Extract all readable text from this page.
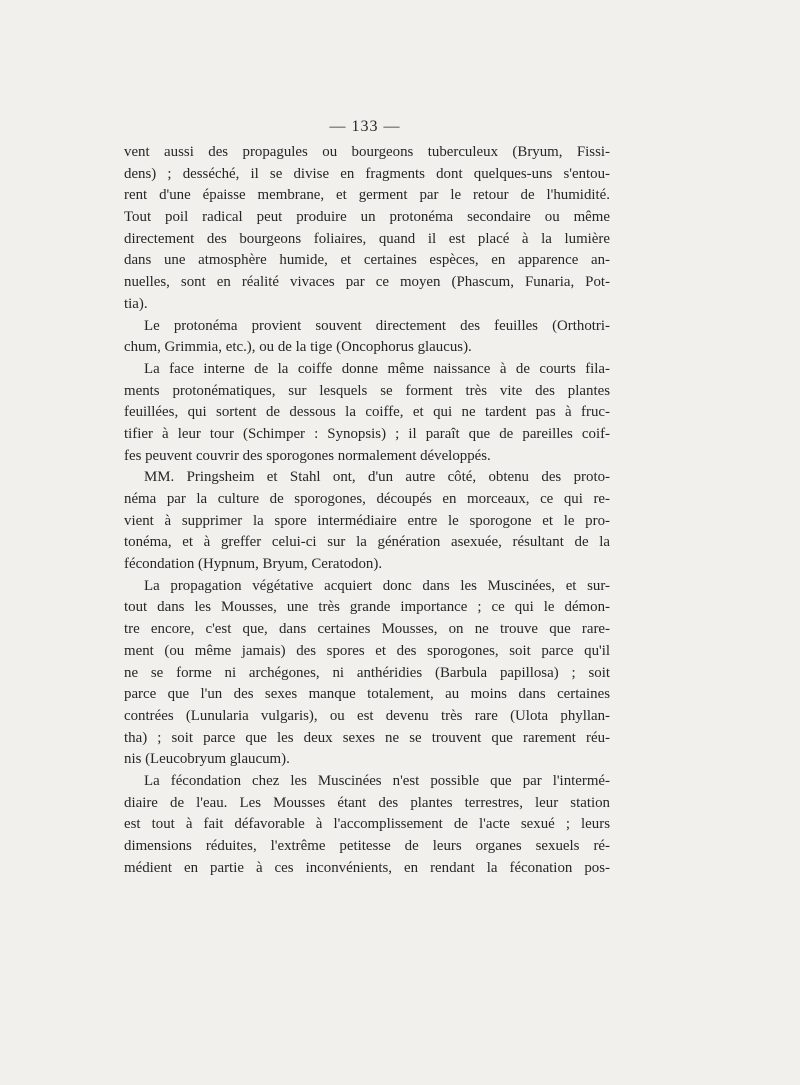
— 133 —
vent aussi des propagules ou bourgeons tuberculeux (Bryum, Fissi-
dens) ; desséché, il se divise en fragments dont quelques-uns s'entou-
rent d'une épaisse membrane, et germent par le retour de l'humidité.
Tout poil radical peut produire un protonéma secondaire ou même
directement des bourgeons foliaires, quand il est placé à la lumière
dans une atmosphère humide, et certaines espèces, en apparence an-
nuelles, sont en réalité vivaces par ce moyen (Phascum, Funaria, Pot-
tia).
Le protonéma provient souvent directement des feuilles (Orthotri-
chum, Grimmia, etc.), ou de la tige (Oncophorus glaucus).
La face interne de la coiffe donne même naissance à de courts fila-
ments protonématiques, sur lesquels se forment très vite des plantes
feuillées, qui sortent de dessous la coiffe, et qui ne tardent pas à fruc-
tifier à leur tour (Schimper : Synopsis) ; il paraît que de pareilles coif-
fes peuvent couvrir des sporogones normalement développés.
MM. Pringsheim et Stahl ont, d'un autre côté, obtenu des proto-
néma par la culture de sporogones, découpés en morceaux, ce qui re-
vient à supprimer la spore intermédiaire entre le sporogone et le pro-
tonéma, et à greffer celui-ci sur la génération asexuée, résultant de la
fécondation (Hypnum, Bryum, Ceratodon).
La propagation végétative acquiert donc dans les Muscinées, et sur-
tout dans les Mousses, une très grande importance ; ce qui le démon-
tre encore, c'est que, dans certaines Mousses, on ne trouve que rare-
ment (ou même jamais) des spores et des sporogones, soit parce qu'il
ne se forme ni archégones, ni anthéridies (Barbula papillosa) ; soit
parce que l'un des sexes manque totalement, au moins dans certaines
contrées (Lunularia vulgaris), ou est devenu très rare (Ulota phyllan-
tha) ; soit parce que les deux sexes ne se trouvent que rarement réu-
nis (Leucobryum glaucum).
La fécondation chez les Muscinées n'est possible que par l'intermé-
diaire de l'eau. Les Mousses étant des plantes terrestres, leur station
est tout à fait défavorable à l'accomplissement de l'acte sexué ; leurs
dimensions réduites, l'extrême petitesse de leurs organes sexuels ré-
médient en partie à ces inconvénients, en rendant la féconation pos-
